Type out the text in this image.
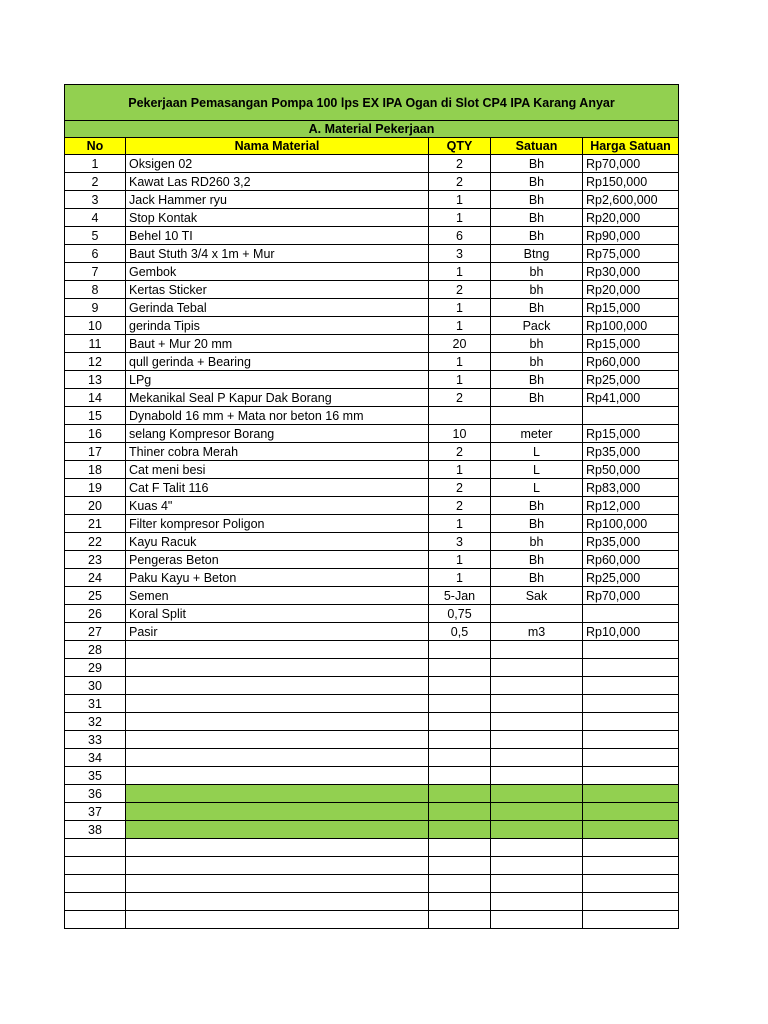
Pekerjaan Pemasangan Pompa 100 lps EX IPA Ogan di Slot CP4 IPA Karang Anyar				
A. Material Pekerjaan				
No	Nama Material	QTY	Satuan	Harga Satuan
1	Oksigen 02	2	Bh	Rp70,000
2	Kawat Las RD260 3,2	2	Bh	Rp150,000
3	Jack Hammer ryu	1	Bh	Rp2,600,000
4	Stop Kontak	1	Bh	Rp20,000
5	Behel 10 TI	6	Bh	Rp90,000
6	Baut Stuth 3/4 x 1m + Mur	3	Btng	Rp75,000
7	Gembok	1	bh	Rp30,000
8	Kertas Sticker	2	bh	Rp20,000
9	Gerinda Tebal	1	Bh	Rp15,000
10	gerinda Tipis	1	Pack	Rp100,000
11	Baut + Mur 20 mm	20	bh	Rp15,000
12	qull gerinda + Bearing	1	bh	Rp60,000
13	LPg	1	Bh	Rp25,000
14	Mekanikal Seal P Kapur Dak Borang	2	Bh	Rp41,000
15	Dynabold 16 mm + Mata nor beton 16 mm			
16	selang Kompresor Borang	10	meter	Rp15,000
17	Thiner cobra Merah	2	L	Rp35,000
18	Cat meni besi	1	L	Rp50,000
19	Cat F Talit 116	2	L	Rp83,000
20	Kuas 4"	2	Bh	Rp12,000
21	Filter kompresor Poligon	1	Bh	Rp100,000
22	Kayu Racuk	3	bh	Rp35,000
23	Pengeras Beton	1	Bh	Rp60,000
24	Paku Kayu + Beton	1	Bh	Rp25,000
25	Semen	5-Jan	Sak	Rp70,000
26	Koral Split	0,75		
27	Pasir	0,5	m3	Rp10,000
28				
29				
30				
31				
32				
33				
34				
35				
36				
37				
38				
